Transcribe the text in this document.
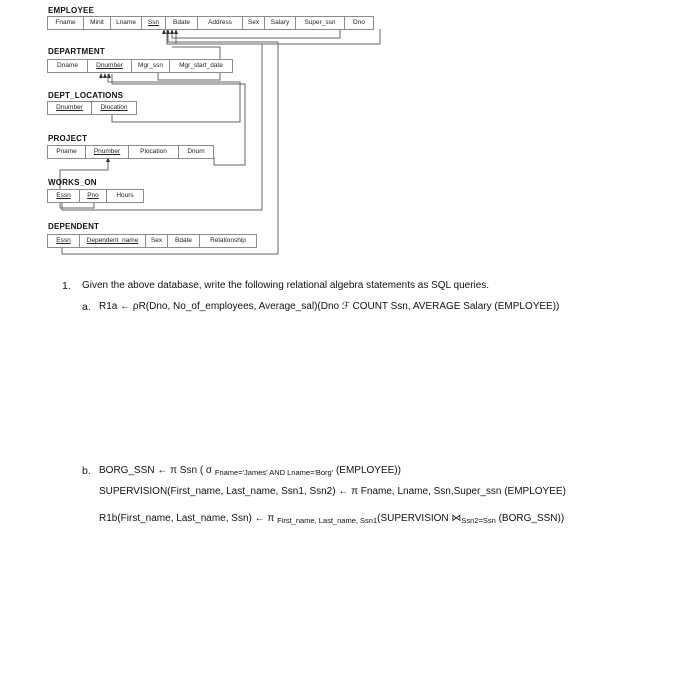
EMPLOYEE
Fname	Minit	Lname	Ssn	Bdate	Address	Sex	Salary	Super_ssn	Dno
DEPARTMENT
Dname	Dnumber	Mgr_ssn	Mgr_start_date
DEPT_LOCATIONS
Dnumber	Dlocation
PROJECT
Pname	Pnumber	Plocation	Dnum
WORKS_ON
Essn	Pno	Hours
DEPENDENT
Essn	Dependent_name	Sex	Bdate	Relationship
1. Given the above database, write the following relational algebra statements as SQL queries.
a. R1a ← ρR(Dno, No_of_employees, Average_sal)(Dno ℱ COUNT Ssn, AVERAGE Salary (EMPLOYEE))
b. BORG_SSN ← π Ssn ( σ $_{Fname='James' AND Lname='Borg'}$ (EMPLOYEE))
SUPERVISION(First_name, Last_name, Ssn1, Ssn2) ← π Fname, Lname, Ssn,Super_ssn (EMPLOYEE)
R1b(First_name, Last_name, Ssn) ← π $_{First\_name, Last\_name, Ssn1}$(SUPERVISION $⋈_{Ssn2=Ssn}$ (BORG_SSN))
